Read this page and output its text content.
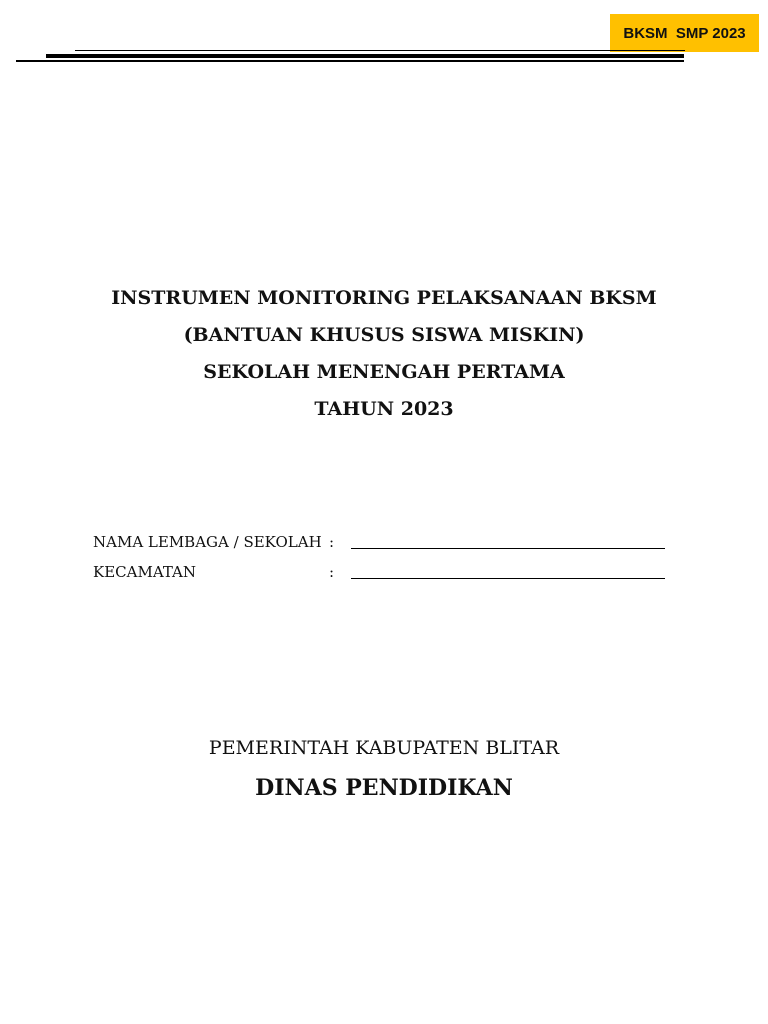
BKSM  SMP 2023
INSTRUMEN MONITORING PELAKSANAAN BKSM
(BANTUAN KHUSUS SISWA MISKIN)
SEKOLAH MENENGAH PERTAMA
TAHUN 2023
NAMA LEMBAGA / SEKOLAH :
KECAMATAN	:
PEMERINTAH KABUPATEN BLITAR
DINAS PENDIDIKAN
